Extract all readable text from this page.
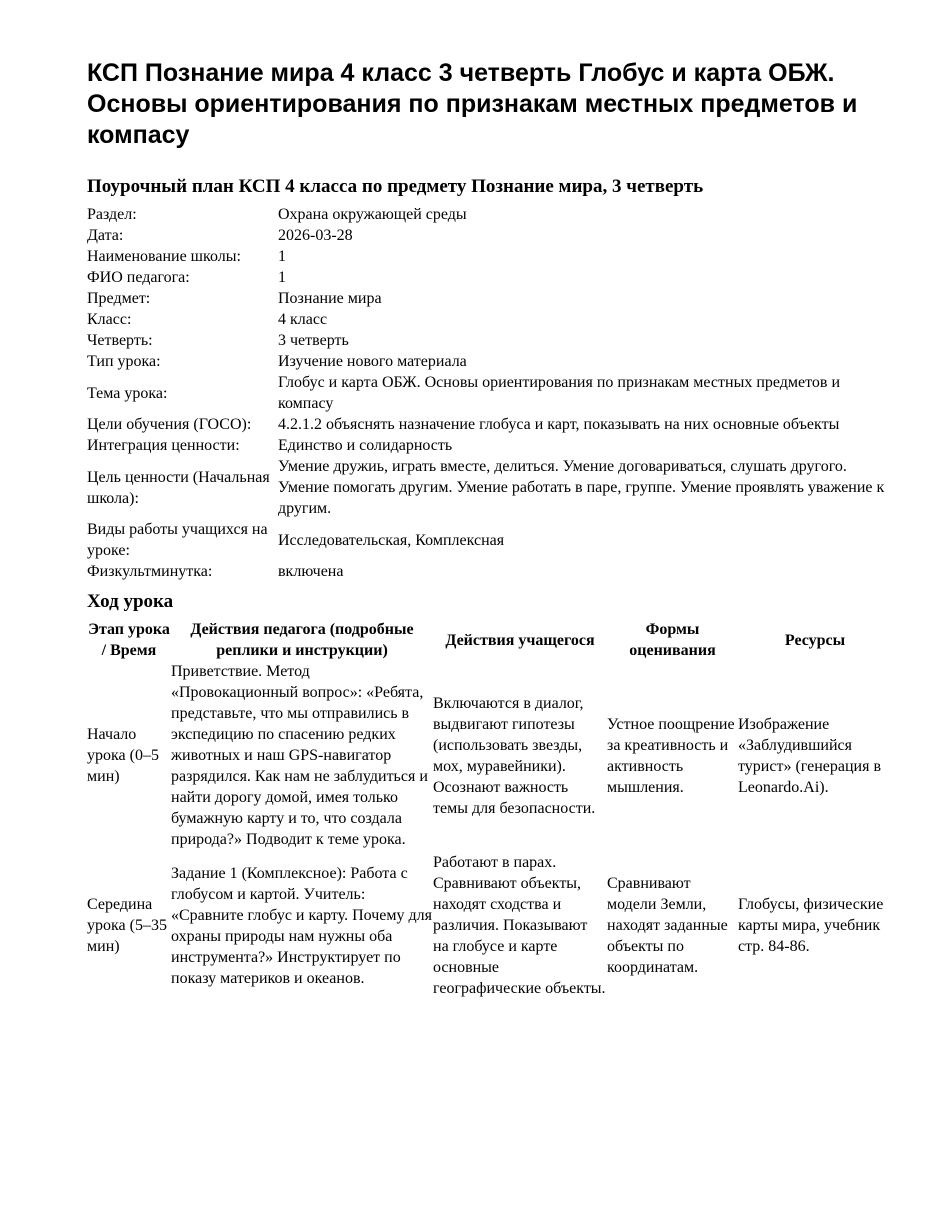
КСП Познание мира 4 класс 3 четверть Глобус и карта ОБЖ. Основы ориентирования по признакам местных предметов и компасу
Поурочный план КСП 4 класса по предмету Познание мира, 3 четверть
Раздел:	Охрана окружающей среды
Дата:	2026-03-28
Наименование школы:	1
ФИО педагога:	1
Предмет:	Познание мира
Класс:	4 класс
Четверть:	3 четверть
Тип урока:	Изучение нового материала
Тема урока:	Глобус и карта ОБЖ. Основы ориентирования по признакам местных предметов и компасу
Цели обучения (ГОСО):	4.2.1.2 объяснять назначение глобуса и карт, показывать на них основные объекты
Интеграция ценности:	Единство и солидарность
Цель ценности (Начальная школа):	Умение дружиь, играть вместе, делиться. Умение договариваться, слушать другого. Умение помогать другим. Умение работать в паре, группе. Умение проявлять уважение к другим.
Виды работы учащихся на уроке:	Исследовательская, Комплексная
Физкультминутка:	включена
Ход урока
Этап урока / Время	Действия педагога (подробные реплики и инструкции)	Действия учащегося	Формы оценивания	Ресурсы
Начало урока (0–5 мин)	Приветствие. Метод «Провокационный вопрос»: «Ребята, представьте, что мы отправились в экспедицию по спасению редких животных и наш GPS-навигатор разрядился. Как нам не заблудиться и найти дорогу домой, имея только бумажную карту и то, что создала природа?» Подводит к теме урока.	Включаются в диалог, выдвигают гипотезы (использовать звезды, мох, муравейники). Осознают важность темы для безопасности.	Устное поощрение за креативность и активность мышления.	Изображение «Заблудившийся турист» (генерация в Leonardo.Ai).
Середина урока (5–35 мин)	Задание 1 (Комплексное): Работа с глобусом и картой. Учитель: «Сравните глобус и карту. Почему для охраны природы нам нужны оба инструмента?» Инструктирует по показу материков и океанов.	Работают в парах. Сравнивают объекты, находят сходства и различия. Показывают на глобусе и карте основные географические объекты.	Сравнивают модели Земли, находят заданные объекты по координатам.	Глобусы, физические карты мира, учебник стр. 84-86.
